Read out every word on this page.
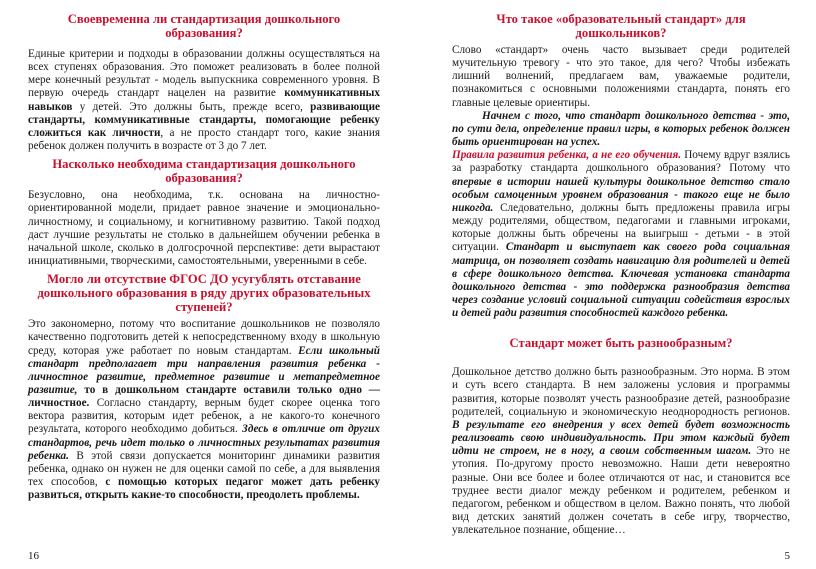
Своевременна ли стандартизация дошкольного образования?

Единые критерии и подходы в образовании должны осуществляться на всех ступенях образования. Это поможет реализовать в более полной мере конечный результат - модель выпускника современного уровня. В первую очередь стандарт нацелен на развитие коммуникативных навыков у детей. Это должны быть, прежде всего, развивающие стандарты, коммуникативные стандарты, помогающие ребенку сложиться как личности, а не просто стандарт того, какие знания ребенок должен получить в возрасте от 3 до 7 лет.

Насколько необходима стандартизация дошкольного образования?

Безусловно, она необходима, т.к. основана на личностно-ориентированной модели, придает равное значение и эмоционально-личностному, и социальному, и когнитивному развитию. Такой подход даст лучшие результаты не столько в дальнейшем обучении ребенка в начальной школе, сколько в долгосрочной перспективе: дети вырастают инициативными, творческими, самостоятельными, уверенными в себе.

Могло ли отсутствие ФГОС ДО усугублять отставание дошкольного образования в ряду других образовательных ступеней?

Это закономерно, потому что воспитание дошкольников не позволяло качественно подготовить детей к непосредственному входу в школьную среду, которая уже работает по новым стандартам. Если школьный стандарт предполагает три направления развития ребенка - личностное развитие, предметное развитие и метапредметное развитие, то в дошкольном стандарте оставили только одно — личностное. Согласно стандарту, верным будет скорее оценка того вектора развития, которым идет ребенок, а не какого-то конечного результата, которого необходимо добиться. Здесь в отличие от других стандартов, речь идет только о личностных результатах развития ребенка. В этой связи допускается мониторинг динамики развития ребенка, однако он нужен не для оценки самой по себе, а для выявления тех способов, с помощью которых педагог может дать ребенку развиться, открыть какие-то способности, преодолеть проблемы.

16
Что такое «образовательный стандарт» для дошкольников?

Слово «стандарт» очень часто вызывает среди родителей мучительную тревогу - что это такое, для чего? Чтобы избежать лишний волнений, предлагаем вам, уважаемые родители, познакомиться с основными положениями стандарта, понять его главные целевые ориентиры.

Начнем с того, что стандарт дошкольного детства - это, по сути дела, определение правил игры, в которых ребенок должен быть ориентирован на успех.

Правила развития ребенка, а не его обучения. Почему вдруг взялись за разработку стандарта дошкольного образования? Потому что впервые в истории нашей культуры дошкольное детство стало особым самоценным уровнем образования - такого еще не было никогда. Следовательно, должны быть предложены правила игры между родителями, обществом, педагогами и главными игроками, которые должны быть обречены на выигрыш - детьми - в этой ситуации. Стандарт и выступает как своего рода социальная матрица, он позволяет создать навигацию для родителей и детей в сфере дошкольного детства. Ключевая установка стандарта дошкольного детства - это поддержка разнообразия детства через создание условий социальной ситуации содействия взрослых и детей ради развития способностей каждого ребенка.

Стандарт может быть разнообразным?

Дошкольное детство должно быть разнообразным. Это норма. В этом и суть всего стандарта. В нем заложены условия и программы развития, которые позволят учесть разнообразие детей, разнообразие родителей, социальную и экономическую неоднородность регионов. В результате его внедрения у всех детей будет возможность реализовать свою индивидуальность. При этом каждый будет идти не строем, не в ногу, а своим собственным шагом. Это не утопия. По-другому просто невозможно. Наши дети невероятно разные. Они все более и более отличаются от нас, и становится все труднее вести диалог между ребенком и родителем, ребенком и педагогом, ребенком и обществом в целом. Важно понять, что любой вид детских занятий должен сочетать в себе игру, творчество, увлекательное познание, общение…

5
